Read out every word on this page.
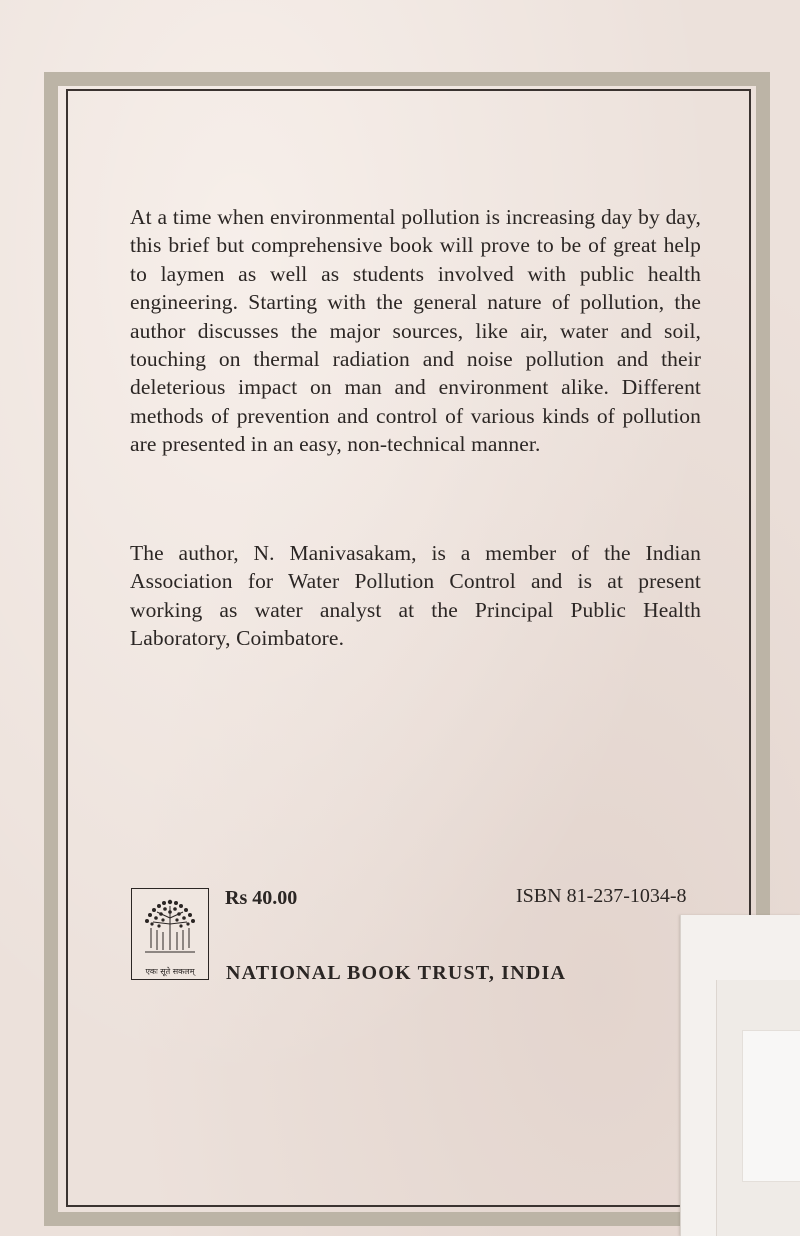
At a time when environmental pollution is increasing day by day, this brief but comprehensive book will prove to be of great help to laymen as well as students involved with public health engineering. Starting with the general nature of pollution, the author discusses the major sources, like air, water and soil, touching on thermal radiation and noise pollution and their deleterious impact on man and environment alike. Different methods of prevention and control of various kinds of pollution are presented in an easy, non-technical manner.

The author, N. Manivasakam, is a member of the Indian Association for Water Pollution Control and is at present working as water analyst at the Principal Public Health Laboratory, Coimbatore.

एकः सूते सकलम्
Rs 40.00	ISBN 81-237-1034-8
NATIONAL BOOK TRUST, INDIA
